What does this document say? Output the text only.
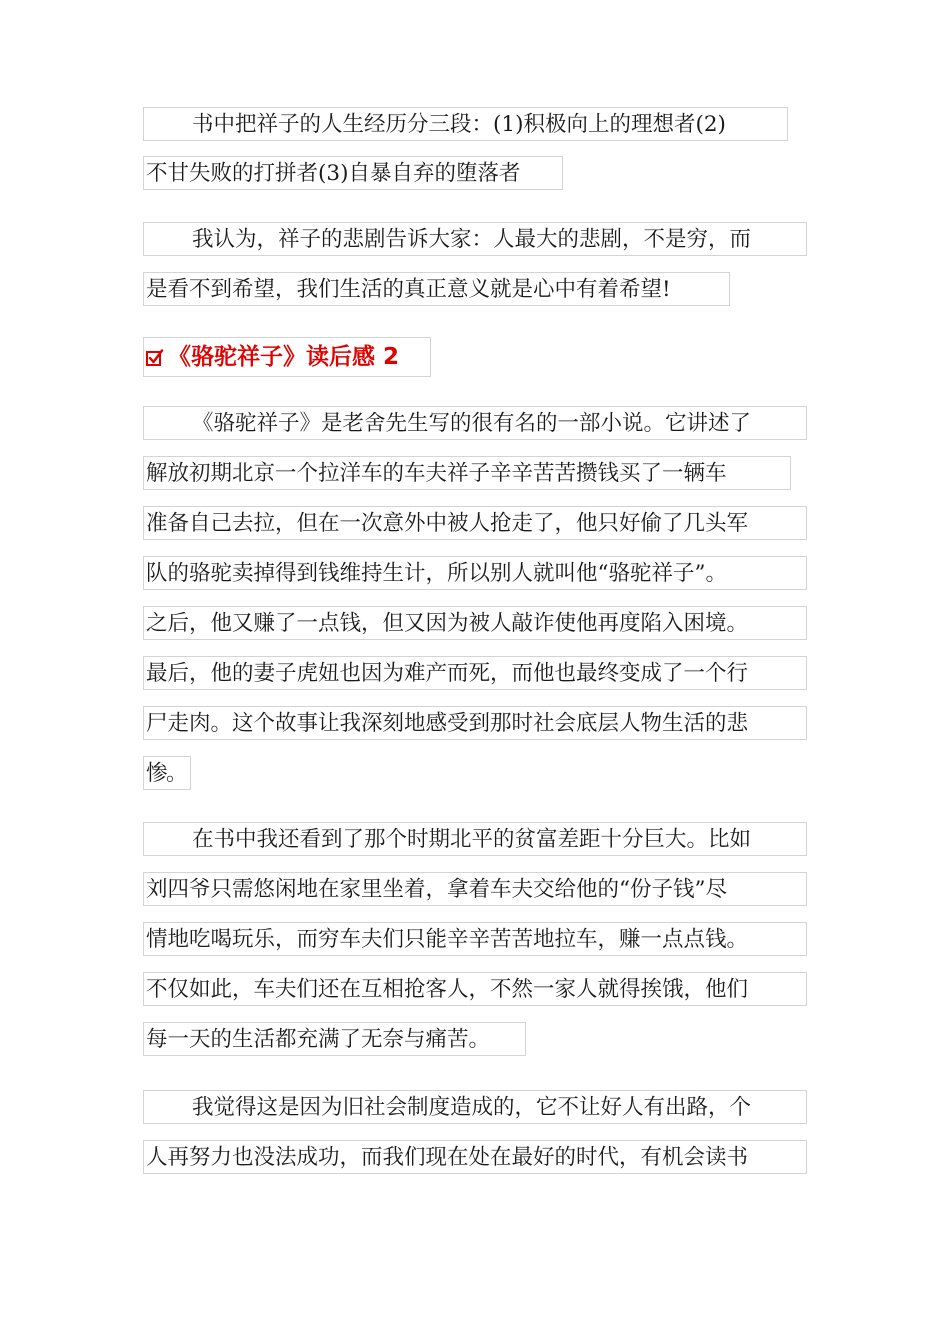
书中把祥子的人生经历分三段：(1)积极向上的理想者(2)
不甘失败的打拼者(3)自暴自弃的堕落者
我认为，祥子的悲剧告诉大家：人最大的悲剧，不是穷，而
是看不到希望，我们生活的真正意义就是心中有着希望!
《骆驼祥子》读后感 2
《骆驼祥子》是老舍先生写的很有名的一部小说。它讲述了
解放初期北京一个拉洋车的车夫祥子辛辛苦苦攒钱买了一辆车
准备自己去拉，但在一次意外中被人抢走了，他只好偷了几头军
队的骆驼卖掉得到钱维持生计，所以别人就叫他“骆驼祥子”。
之后，他又赚了一点钱，但又因为被人敲诈使他再度陷入困境。
最后，他的妻子虎妞也因为难产而死，而他也最终变成了一个行
尸走肉。这个故事让我深刻地感受到那时社会底层人物生活的悲
惨。
在书中我还看到了那个时期北平的贫富差距十分巨大。比如
刘四爷只需悠闲地在家里坐着，拿着车夫交给他的“份子钱”尽
情地吃喝玩乐，而穷车夫们只能辛辛苦苦地拉车，赚一点点钱。
不仅如此，车夫们还在互相抢客人，不然一家人就得挨饿，他们
每一天的生活都充满了无奈与痛苦。
我觉得这是因为旧社会制度造成的，它不让好人有出路，个
人再努力也没法成功，而我们现在处在最好的时代，有机会读书
